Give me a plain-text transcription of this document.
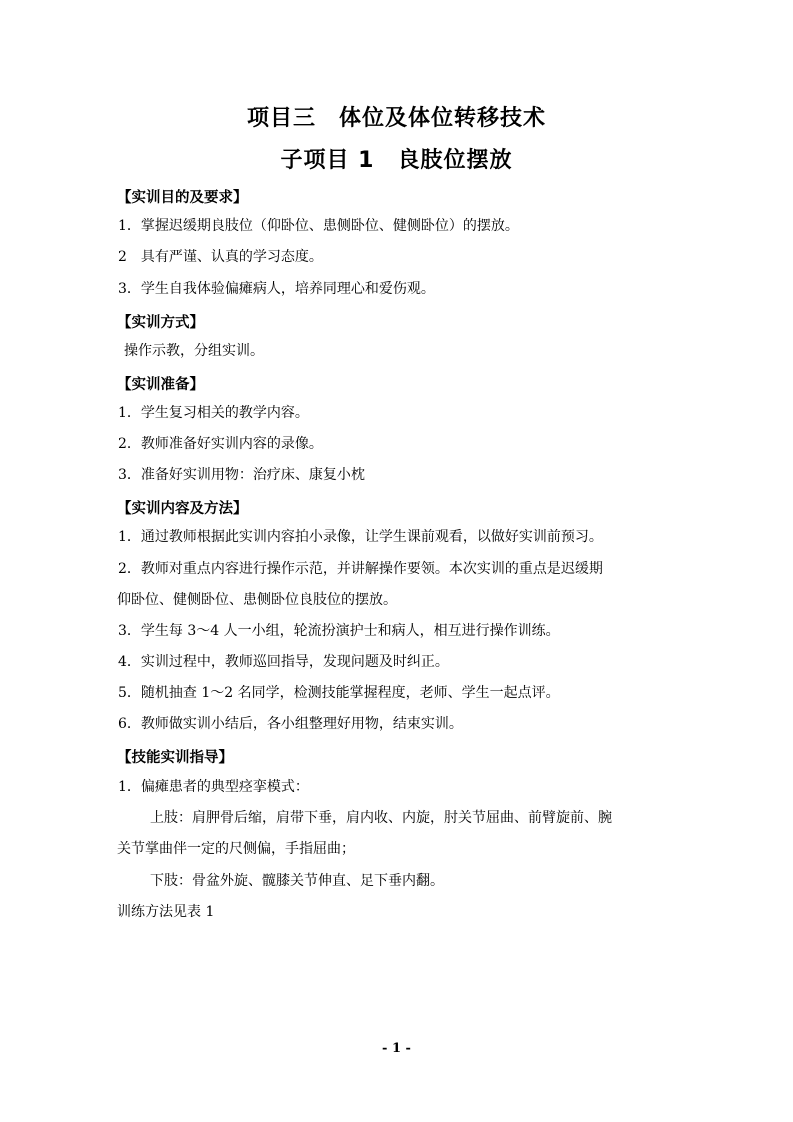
项目三　体位及体位转移技术
子项目 1　良肢位摆放
【实训目的及要求】
1．掌握迟缓期良肢位（仰卧位、患侧卧位、健侧卧位）的摆放。
2　具有严谨、认真的学习态度。
3．学生自我体验偏瘫病人，培养同理心和爱伤观。
【实训方式】
操作示教，分组实训。
【实训准备】
1．学生复习相关的教学内容。
2．教师准备好实训内容的录像。
3．准备好实训用物：治疗床、康复小枕
【实训内容及方法】
1．通过教师根据此实训内容拍小录像，让学生课前观看，以做好实训前预习。
2．教师对重点内容进行操作示范，并讲解操作要领。本次实训的重点是迟缓期
仰卧位、健侧卧位、患侧卧位良肢位的摆放。
3．学生每 3～4 人一小组，轮流扮演护士和病人，相互进行操作训练。
4．实训过程中，教师巡回指导，发现问题及时纠正。
5．随机抽查 1～2 名同学，检测技能掌握程度，老师、学生一起点评。
6．教师做实训小结后，各小组整理好用物，结束实训。
【技能实训指导】
1．偏瘫患者的典型痉挛模式：
上肢：肩胛骨后缩，肩带下垂，肩内收、内旋，肘关节屈曲、前臂旋前、腕
关节掌曲伴一定的尺侧偏，手指屈曲；
下肢：骨盆外旋、髋膝关节伸直、足下垂内翻。
训练方法见表 1
- 1 -
